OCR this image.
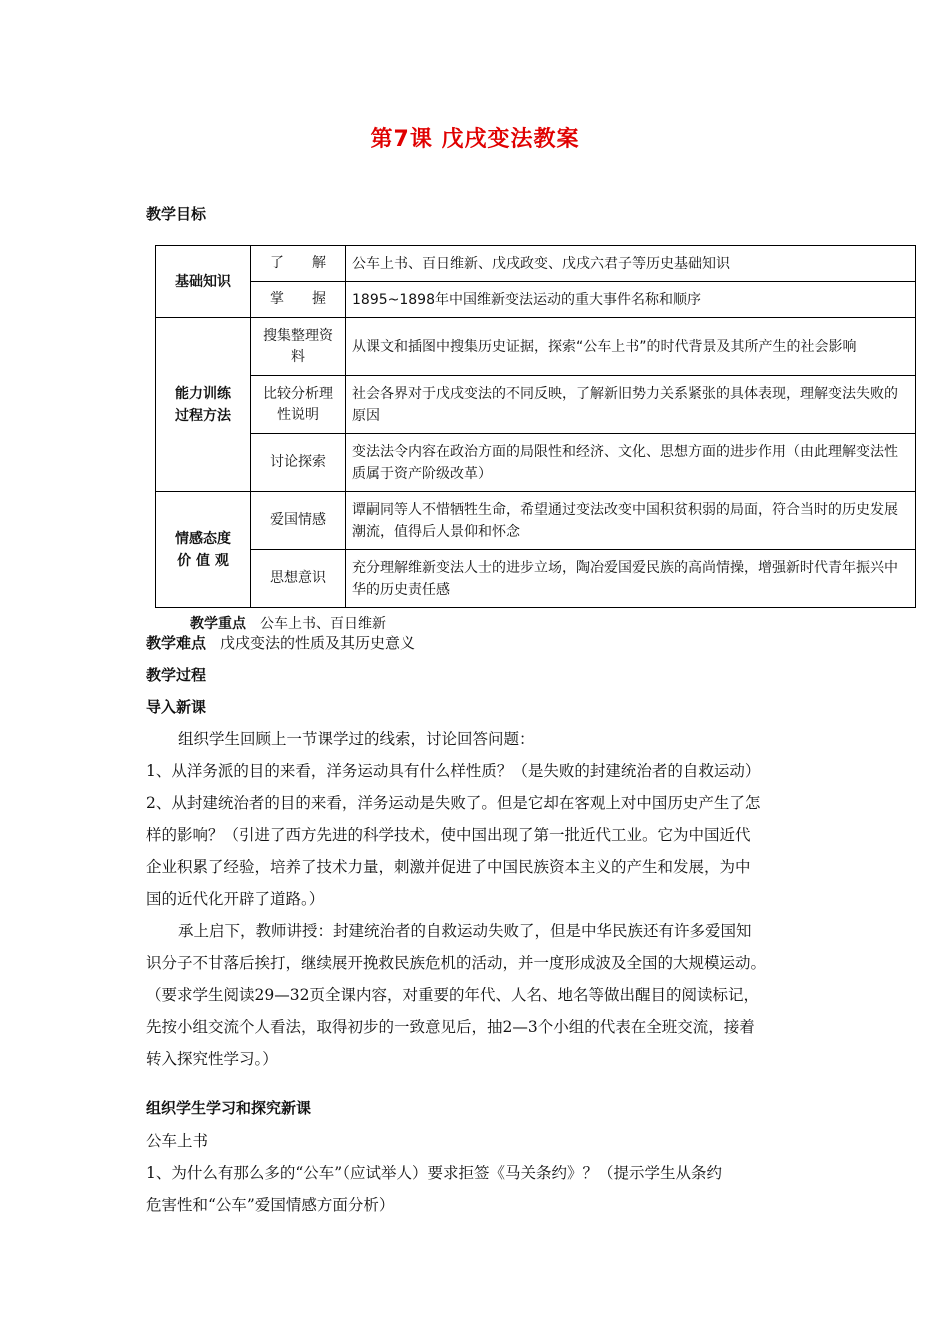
第7课 戊戌变法教案
教学目标
基础知识	了　　解	公车上书、百日维新、戊戌政变、戊戌六君子等历史基础知识
	掌　　握	1895~1898年中国维新变法运动的重大事件名称和顺序

能力训练
过程方法	搜集整理资料	从课文和插图中搜集历史证据，探索“公车上书”的时代背景及其所产生的社会影响
	比较分析理性说明	社会各界对于戊戌变法的不同反映，了解新旧势力关系紧张的具体表现，理解变法失败的原因
	讨论探索	变法法令内容在政治方面的局限性和经济、文化、思想方面的进步作用（由此理解变法性质属于资产阶级改革）

情感态度
价 值 观	爱国情感	谭嗣同等人不惜牺牲生命，希望通过变法改变中国积贫积弱的局面，符合当时的历史发展潮流，值得后人景仰和怀念
	思想意识	充分理解维新变法人士的进步立场，陶冶爱国爱民族的高尚情操，增强新时代青年振兴中华的历史责任感
教学重点 公车上书、百日维新
教学难点 戊戌变法的性质及其历史意义
教学过程
导入新课
组织学生回顾上一节课学过的线索，讨论回答问题：
1、从洋务派的目的来看，洋务运动具有什么样性质？（是失败的封建统治者的自救运动）
2、从封建统治者的目的来看，洋务运动是失败了。但是它却在客观上对中国历史产生了怎
样的影响？（引进了西方先进的科学技术，使中国出现了第一批近代工业。它为中国近代
企业积累了经验，培养了技术力量，刺激并促进了中国民族资本主义的产生和发展，为中
国的近代化开辟了道路。）
承上启下，教师讲授：封建统治者的自救运动失败了，但是中华民族还有许多爱国知
识分子不甘落后挨打，继续展开挽救民族危机的活动，并一度形成波及全国的大规模运动。
（要求学生阅读29—32页全课内容，对重要的年代、人名、地名等做出醒目的阅读标记，
先按小组交流个人看法，取得初步的一致意见后，抽2—3个小组的代表在全班交流，接着
转入探究性学习。）
组织学生学习和探究新课
公车上书
1、为什么有那么多的“公车”（应试举人）要求拒签《马关条约》？（提示学生从条约
危害性和“公车”爱国情感方面分析）
